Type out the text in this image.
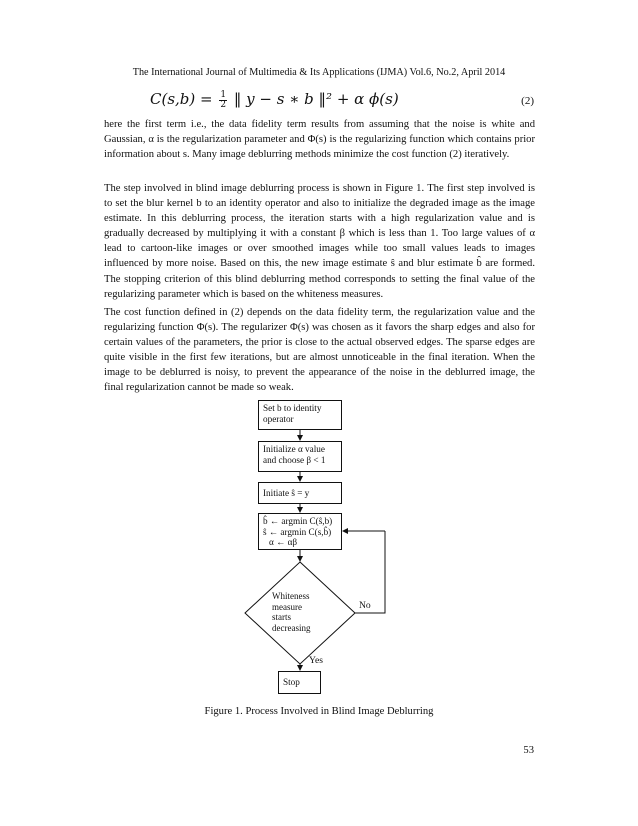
The International Journal of Multimedia & Its Applications (IJMA) Vol.6, No.2, April 2014
$C(s,b) = \frac{1}{2}$ ‖ y − s ∗ b ‖² + α ϕ(s)	(2)

here the first term i.e., the data fidelity term results from assuming that the noise is white and Gaussian, α is the regularization parameter and Φ(s) is the regularizing function which contains prior information about s. Many image deblurring methods minimize the cost function (2) iteratively.

The step involved in blind image deblurring process is shown in Figure 1. The first step involved is to set the blur kernel b to an identity operator and also to initialize the degraded image as the image estimate. In this deblurring process, the iteration starts with a high regularization value and is gradually decreased by multiplying it with a constant β which is less than 1. Too large values of α lead to cartoon-like images or over smoothed images while too small values leads to images influenced by more noise. Based on this, the new image estimate ŝ and blur estimate b̂ are formed. The stopping criterion of this blind deblurring method corresponds to setting the final value of the regularizing parameter which is based on the whiteness measures.

The cost function defined in (2) depends on the data fidelity term, the regularization value and the regularizing function Φ(s). The regularizer Φ(s) was chosen as it favors the sharp edges and also for certain values of the parameters, the prior is close to the actual observed edges. The sparse edges are quite visible in the first few iterations, but are almost unnoticeable in the final iteration. When the image to be deblurred is noisy, to prevent the appearance of the noise in the deblurred image, the final regularization cannot be made so weak.

Set b to identity
operator
Initialize α value
and choose β < 1
Initiate ŝ = y
b̂ ← argmin C(ŝ,b)
ŝ ← argmin C(s,b̂)
α ← αβ
Whiteness
measure
starts
decreasing
No
Yes
Stop
Figure 1. Process Involved in Blind Image Deblurring
53
